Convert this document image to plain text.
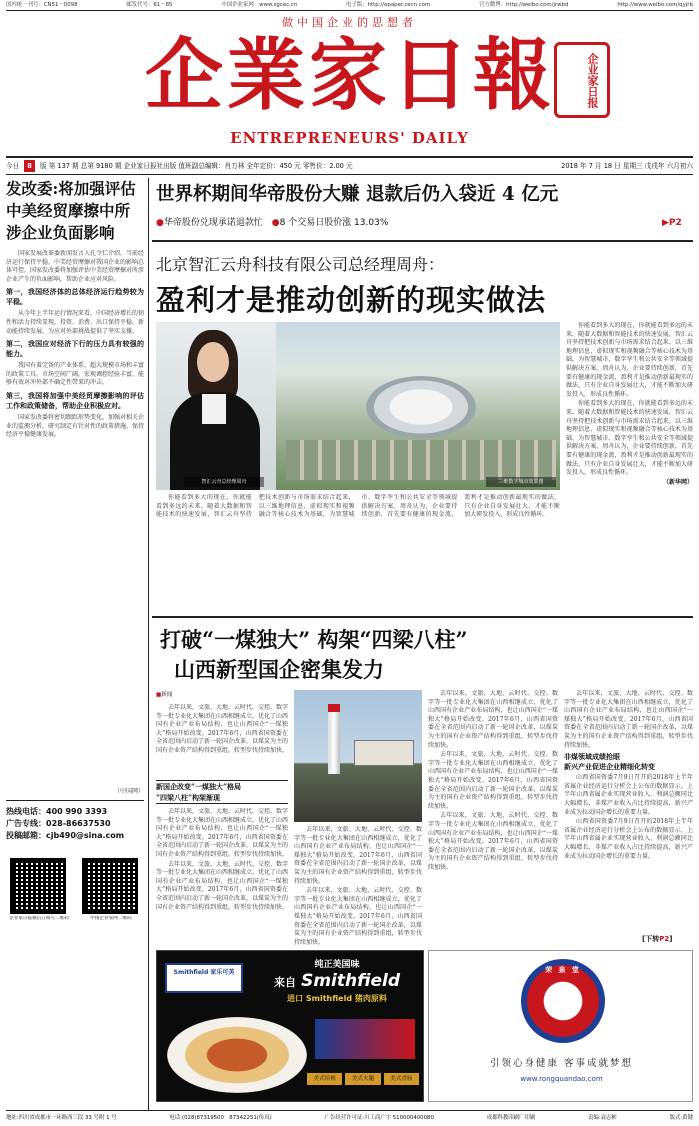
国内统一刊号：CN51－0098	邮发代号：61－85	中国企业家网：www.zgcec.cn	电子版：http://epaper.cecn.com	官方微博：http://weibo.com/jrwbd	http://www.weibo.com/qyjrb
做中国企业的思想者
企業家日報	企业家日报
ENTREPRENEURS' DAILY
今日 8 版 第 137 期 总第 9180 期 企业家日报社出版 值班副总编辑：肖万林 全年定价：450 元 零售价：2.00 元	2018 年 7 月 18 日 星期三 戊戌年 六月初六
发改委:将加强评估中美经贸摩擦中所涉企业负面影响

国家发展改革委新闻发言人孔令仁介绍，当前经济运行保持平稳，中美经贸摩擦对我国企业的影响总体可控，国家发改委将加强评估中美经贸摩擦对所涉企业产生的负面影响，帮助企业应对风险。

第一，我国经济体的总体经济运行趋势较为平稳。

从今年上半年运行情况来看，中国经济增长的韧性和活力持续显现，投资、消费、出口保持平稳，新动能持续发展，为应对外部挑战提供了坚实支撑。

第二，我国应对经济下行的压力具有较强的能力。

我国有着完备的产业体系、超大规模市场和丰富的政策工具，市场空间广阔，宏观调控经验丰富，能够有效对冲外部不确定性带来的冲击。

第三，我国将加强中美经贸摩擦影响的评估工作和政策储备，帮助企业积极应对。

国家发改委将密切跟踪形势变化，加强对相关企业的监测分析，研究制定有针对性的政策措施，保持经济平稳健康发展。

（中国网）
热线电话：400 990 3393
广告专线：028-86637530
投稿邮箱：cjb490@sina.com
企业家日报微信订阅号二维码	中国企业家网二维码
世界杯期间华帝股份大赚 退款后仍入袋近 4 亿元
●华帝股份兑现承诺退款忙 ●8 个交易日股价涨 13.03%	▶P2
北京智汇云舟科技有限公司总经理周舟：
盈利才是推动创新的现实做法
智汇云舟总经理周舟	三维数字城市效果图

你能看到多大的现在，你就能看到多远的未来。随着大数据和智能技术的快速发展，智汇云舟坚持把技术创新与市场需求结合起来，以三维地理信息、虚拟现实和视频融合等核心技术为基础，为智慧城市、数字孪生和公共安全等领域提供解决方案。周舟认为，企业要持续创新，首先要有健康的现金流，盈利才是推动创新最现实的做法，只有企业自身发展壮大，才能不断加大研发投入，形成良性循环。

你能看到多大的现在，你就能看到多远的未来。随着大数据和智能技术的快速发展，智汇云舟坚持把技术创新与市场需求结合起来，以三维地理信息、虚拟现实和视频融合等核心技术为基础，为智慧城市、数字孪生和公共安全等领域提供解决方案。周舟认为，企业要持续创新，首先要有健康的现金流，盈利才是推动创新最现实的做法，只有企业自身发展壮大，才能不断加大研发投入，形成良性循环。

你能看到多大的现在，你就能看到多远的未来。随着大数据和智能技术的快速发展，智汇云舟坚持把技术创新与市场需求结合起来，以三维地理信息、虚拟现实和视频融合等核心技术为基础，为智慧城市、数字孪生和公共安全等领域提供解决方案。周舟认为，企业要持续创新，首先要有健康的现金流，盈利才是推动创新最现实的做法，只有企业自身发展壮大，才能不断加大研发投入，形成良性循环。

（新华网）

打破“一煤独大” 构架“四梁八柱”
山西新型国企密集发力
■新闻

去年以来，文旅、大地、云时代、交控、数字等一批专业化大集团在山西相继成立，优化了山西国有企业产业布局结构，也让山西国企“一煤独大”格局开始改变。2017年6月，山西省国资委在全省范围内启动了新一轮国企改革，以煤炭为主的国有企业资产结构得到重组，转型步伐持续加快。

新国企改变“一煤独大”格局
“四梁八柱”构架渐现

去年以来，文旅、大地、云时代、交控、数字等一批专业化大集团在山西相继成立，优化了山西国有企业产业布局结构，也让山西国企“一煤独大”格局开始改变。2017年6月，山西省国资委在全省范围内启动了新一轮国企改革，以煤炭为主的国有企业资产结构得到重组，转型步伐持续加快。

去年以来，文旅、大地、云时代、交控、数字等一批专业化大集团在山西相继成立，优化了山西国有企业产业布局结构，也让山西国企“一煤独大”格局开始改变。2017年6月，山西省国资委在全省范围内启动了新一轮国企改革，以煤炭为主的国有企业资产结构得到重组，转型步伐持续加快。

去年以来，文旅、大地、云时代、交控、数字等一批专业化大集团在山西相继成立，优化了山西国有企业产业布局结构，也让山西国企“一煤独大”格局开始改变。2017年6月，山西省国资委在全省范围内启动了新一轮国企改革，以煤炭为主的国有企业资产结构得到重组，转型步伐持续加快。

去年以来，文旅、大地、云时代、交控、数字等一批专业化大集团在山西相继成立，优化了山西国有企业产业布局结构，也让山西国企“一煤独大”格局开始改变。2017年6月，山西省国资委在全省范围内启动了新一轮国企改革，以煤炭为主的国有企业资产结构得到重组，转型步伐持续加快。

去年以来，文旅、大地、云时代、交控、数字等一批专业化大集团在山西相继成立，优化了山西国有企业产业布局结构，也让山西国企“一煤独大”格局开始改变。2017年6月，山西省国资委在全省范围内启动了新一轮国企改革，以煤炭为主的国有企业资产结构得到重组，转型步伐持续加快。

去年以来，文旅、大地、云时代、交控、数字等一批专业化大集团在山西相继成立，优化了山西国有企业产业布局结构，也让山西国企“一煤独大”格局开始改变。2017年6月，山西省国资委在全省范围内启动了新一轮国企改革，以煤炭为主的国有企业资产结构得到重组，转型步伐持续加快。

去年以来，文旅、大地、云时代、交控、数字等一批专业化大集团在山西相继成立，优化了山西国有企业产业布局结构，也让山西国企“一煤独大”格局开始改变。2017年6月，山西省国资委在全省范围内启动了新一轮国企改革，以煤炭为主的国有企业资产结构得到重组，转型步伐持续加快。

去年以来，文旅、大地、云时代、交控、数字等一批专业化大集团在山西相继成立，优化了山西国有企业产业布局结构，也让山西国企“一煤独大”格局开始改变。2017年6月，山西省国资委在全省范围内启动了新一轮国企改革，以煤炭为主的国有企业资产结构得到重组，转型步伐持续加快。

非煤领域成绩抢眼
新兴产业促进企业精细化转变

山西省国资委7月9日召开的2018年上半年省属企业经济运行分析会上公布的数据显示，上半年山西省属企业实现营业收入、利润总额同比大幅增长，非煤产业收入占比持续提高，新兴产业成为拉动国企增长的重要力量。

山西省国资委7月9日召开的2018年上半年省属企业经济运行分析会上公布的数据显示，上半年山西省属企业实现营业收入、利润总额同比大幅增长，非煤产业收入占比持续提高，新兴产业成为拉动国企增长的重要力量。

[下转P2]
纯正美国味
来自 Smithfield
进口 Smithfield 猪肉原料
Smithfield 家乐可美
美式培根	美式火腿	美式香肠
荣 泉 堂
引领心身健康 客事成就梦想
www.rongquandao.com
地址:四川省成都市一环路西三段 33 号附 1 号	电话:(028)87319500　87342251(传真)	广告经营许可证:川工商广字 510000400080	成都科教印刷厂印刷	责编:袁志彬	版式:黄键
